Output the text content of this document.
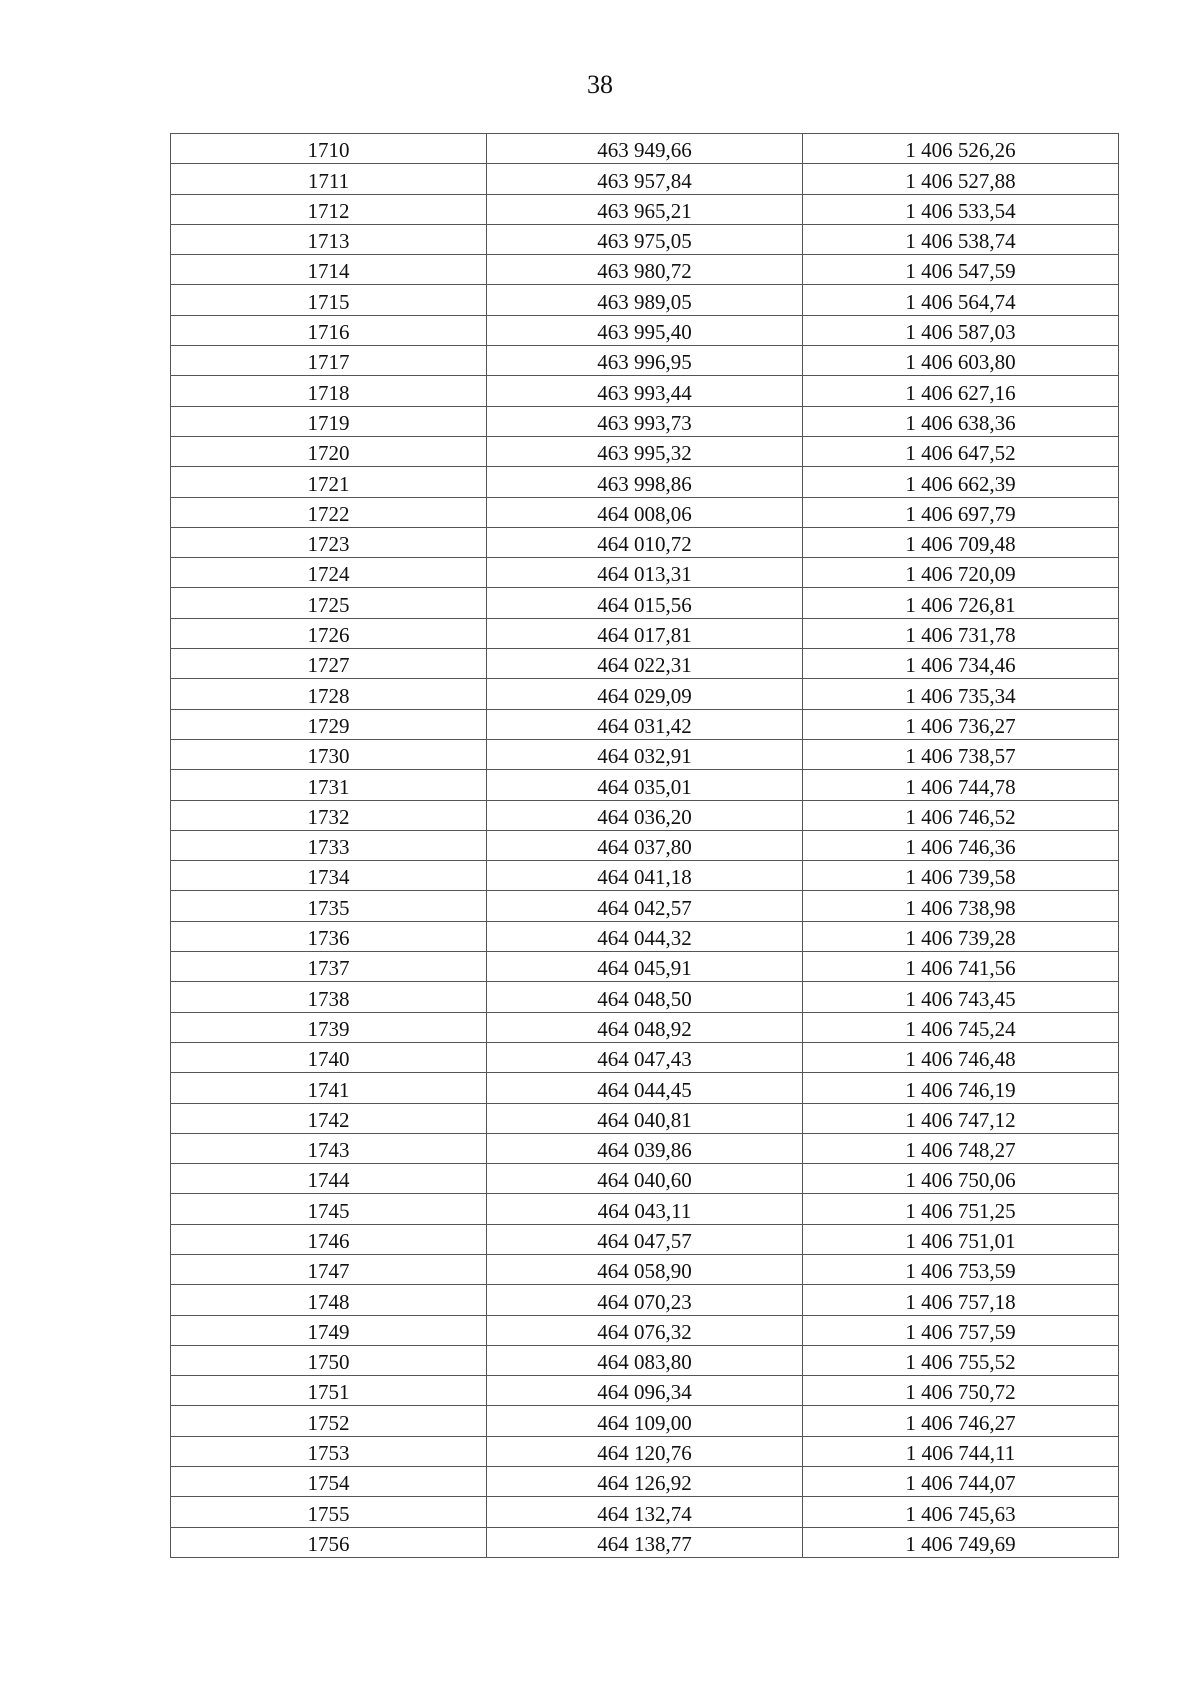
38
1710	463 949,66	1 406 526,26
1711	463 957,84	1 406 527,88
1712	463 965,21	1 406 533,54
1713	463 975,05	1 406 538,74
1714	463 980,72	1 406 547,59
1715	463 989,05	1 406 564,74
1716	463 995,40	1 406 587,03
1717	463 996,95	1 406 603,80
1718	463 993,44	1 406 627,16
1719	463 993,73	1 406 638,36
1720	463 995,32	1 406 647,52
1721	463 998,86	1 406 662,39
1722	464 008,06	1 406 697,79
1723	464 010,72	1 406 709,48
1724	464 013,31	1 406 720,09
1725	464 015,56	1 406 726,81
1726	464 017,81	1 406 731,78
1727	464 022,31	1 406 734,46
1728	464 029,09	1 406 735,34
1729	464 031,42	1 406 736,27
1730	464 032,91	1 406 738,57
1731	464 035,01	1 406 744,78
1732	464 036,20	1 406 746,52
1733	464 037,80	1 406 746,36
1734	464 041,18	1 406 739,58
1735	464 042,57	1 406 738,98
1736	464 044,32	1 406 739,28
1737	464 045,91	1 406 741,56
1738	464 048,50	1 406 743,45
1739	464 048,92	1 406 745,24
1740	464 047,43	1 406 746,48
1741	464 044,45	1 406 746,19
1742	464 040,81	1 406 747,12
1743	464 039,86	1 406 748,27
1744	464 040,60	1 406 750,06
1745	464 043,11	1 406 751,25
1746	464 047,57	1 406 751,01
1747	464 058,90	1 406 753,59
1748	464 070,23	1 406 757,18
1749	464 076,32	1 406 757,59
1750	464 083,80	1 406 755,52
1751	464 096,34	1 406 750,72
1752	464 109,00	1 406 746,27
1753	464 120,76	1 406 744,11
1754	464 126,92	1 406 744,07
1755	464 132,74	1 406 745,63
1756	464 138,77	1 406 749,69
